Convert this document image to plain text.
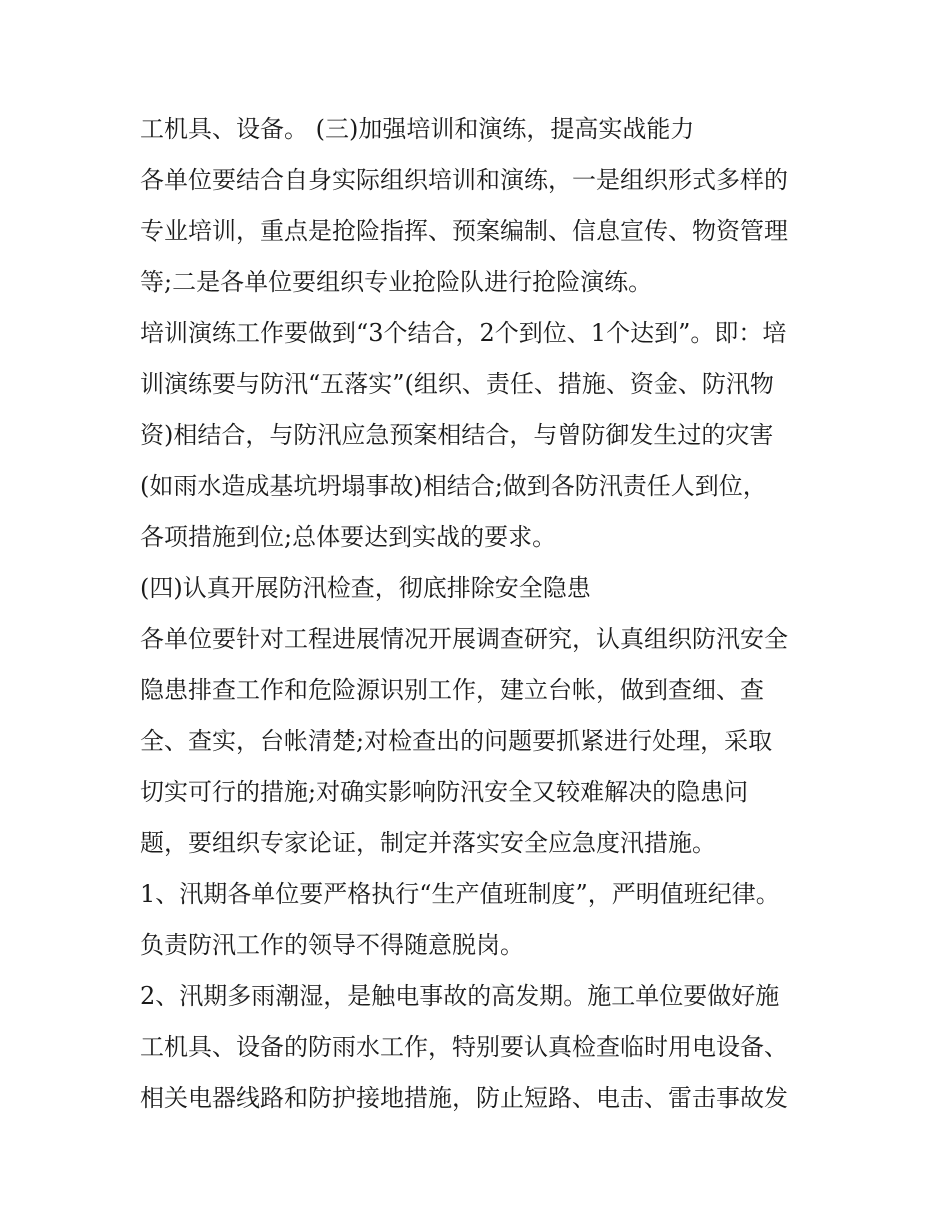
工机具、设备。 (三)加强培训和演练，提高实战能力
各单位要结合自身实际组织培训和演练，一是组织形式多样的
专业培训，重点是抢险指挥、预案编制、信息宣传、物资管理
等;二是各单位要组织专业抢险队进行抢险演练。
培训演练工作要做到“3个结合，2个到位、1个达到”。即：培
训演练要与防汛“五落实”(组织、责任、措施、资金、防汛物
资)相结合，与防汛应急预案相结合，与曾防御发生过的灾害
(如雨水造成基坑坍塌事故)相结合;做到各防汛责任人到位，
各项措施到位;总体要达到实战的要求。
(四)认真开展防汛检查，彻底排除安全隐患
各单位要针对工程进展情况开展调查研究，认真组织防汛安全
隐患排查工作和危险源识别工作，建立台帐，做到查细、查
全、查实，台帐清楚;对检查出的问题要抓紧进行处理，采取
切实可行的措施;对确实影响防汛安全又较难解决的隐患问
题，要组织专家论证，制定并落实安全应急度汛措施。
1、汛期各单位要严格执行“生产值班制度”，严明值班纪律。
负责防汛工作的领导不得随意脱岗。
2、汛期多雨潮湿，是触电事故的高发期。施工单位要做好施
工机具、设备的防雨水工作，特别要认真检查临时用电设备、
相关电器线路和防护接地措施，防止短路、电击、雷击事故发
